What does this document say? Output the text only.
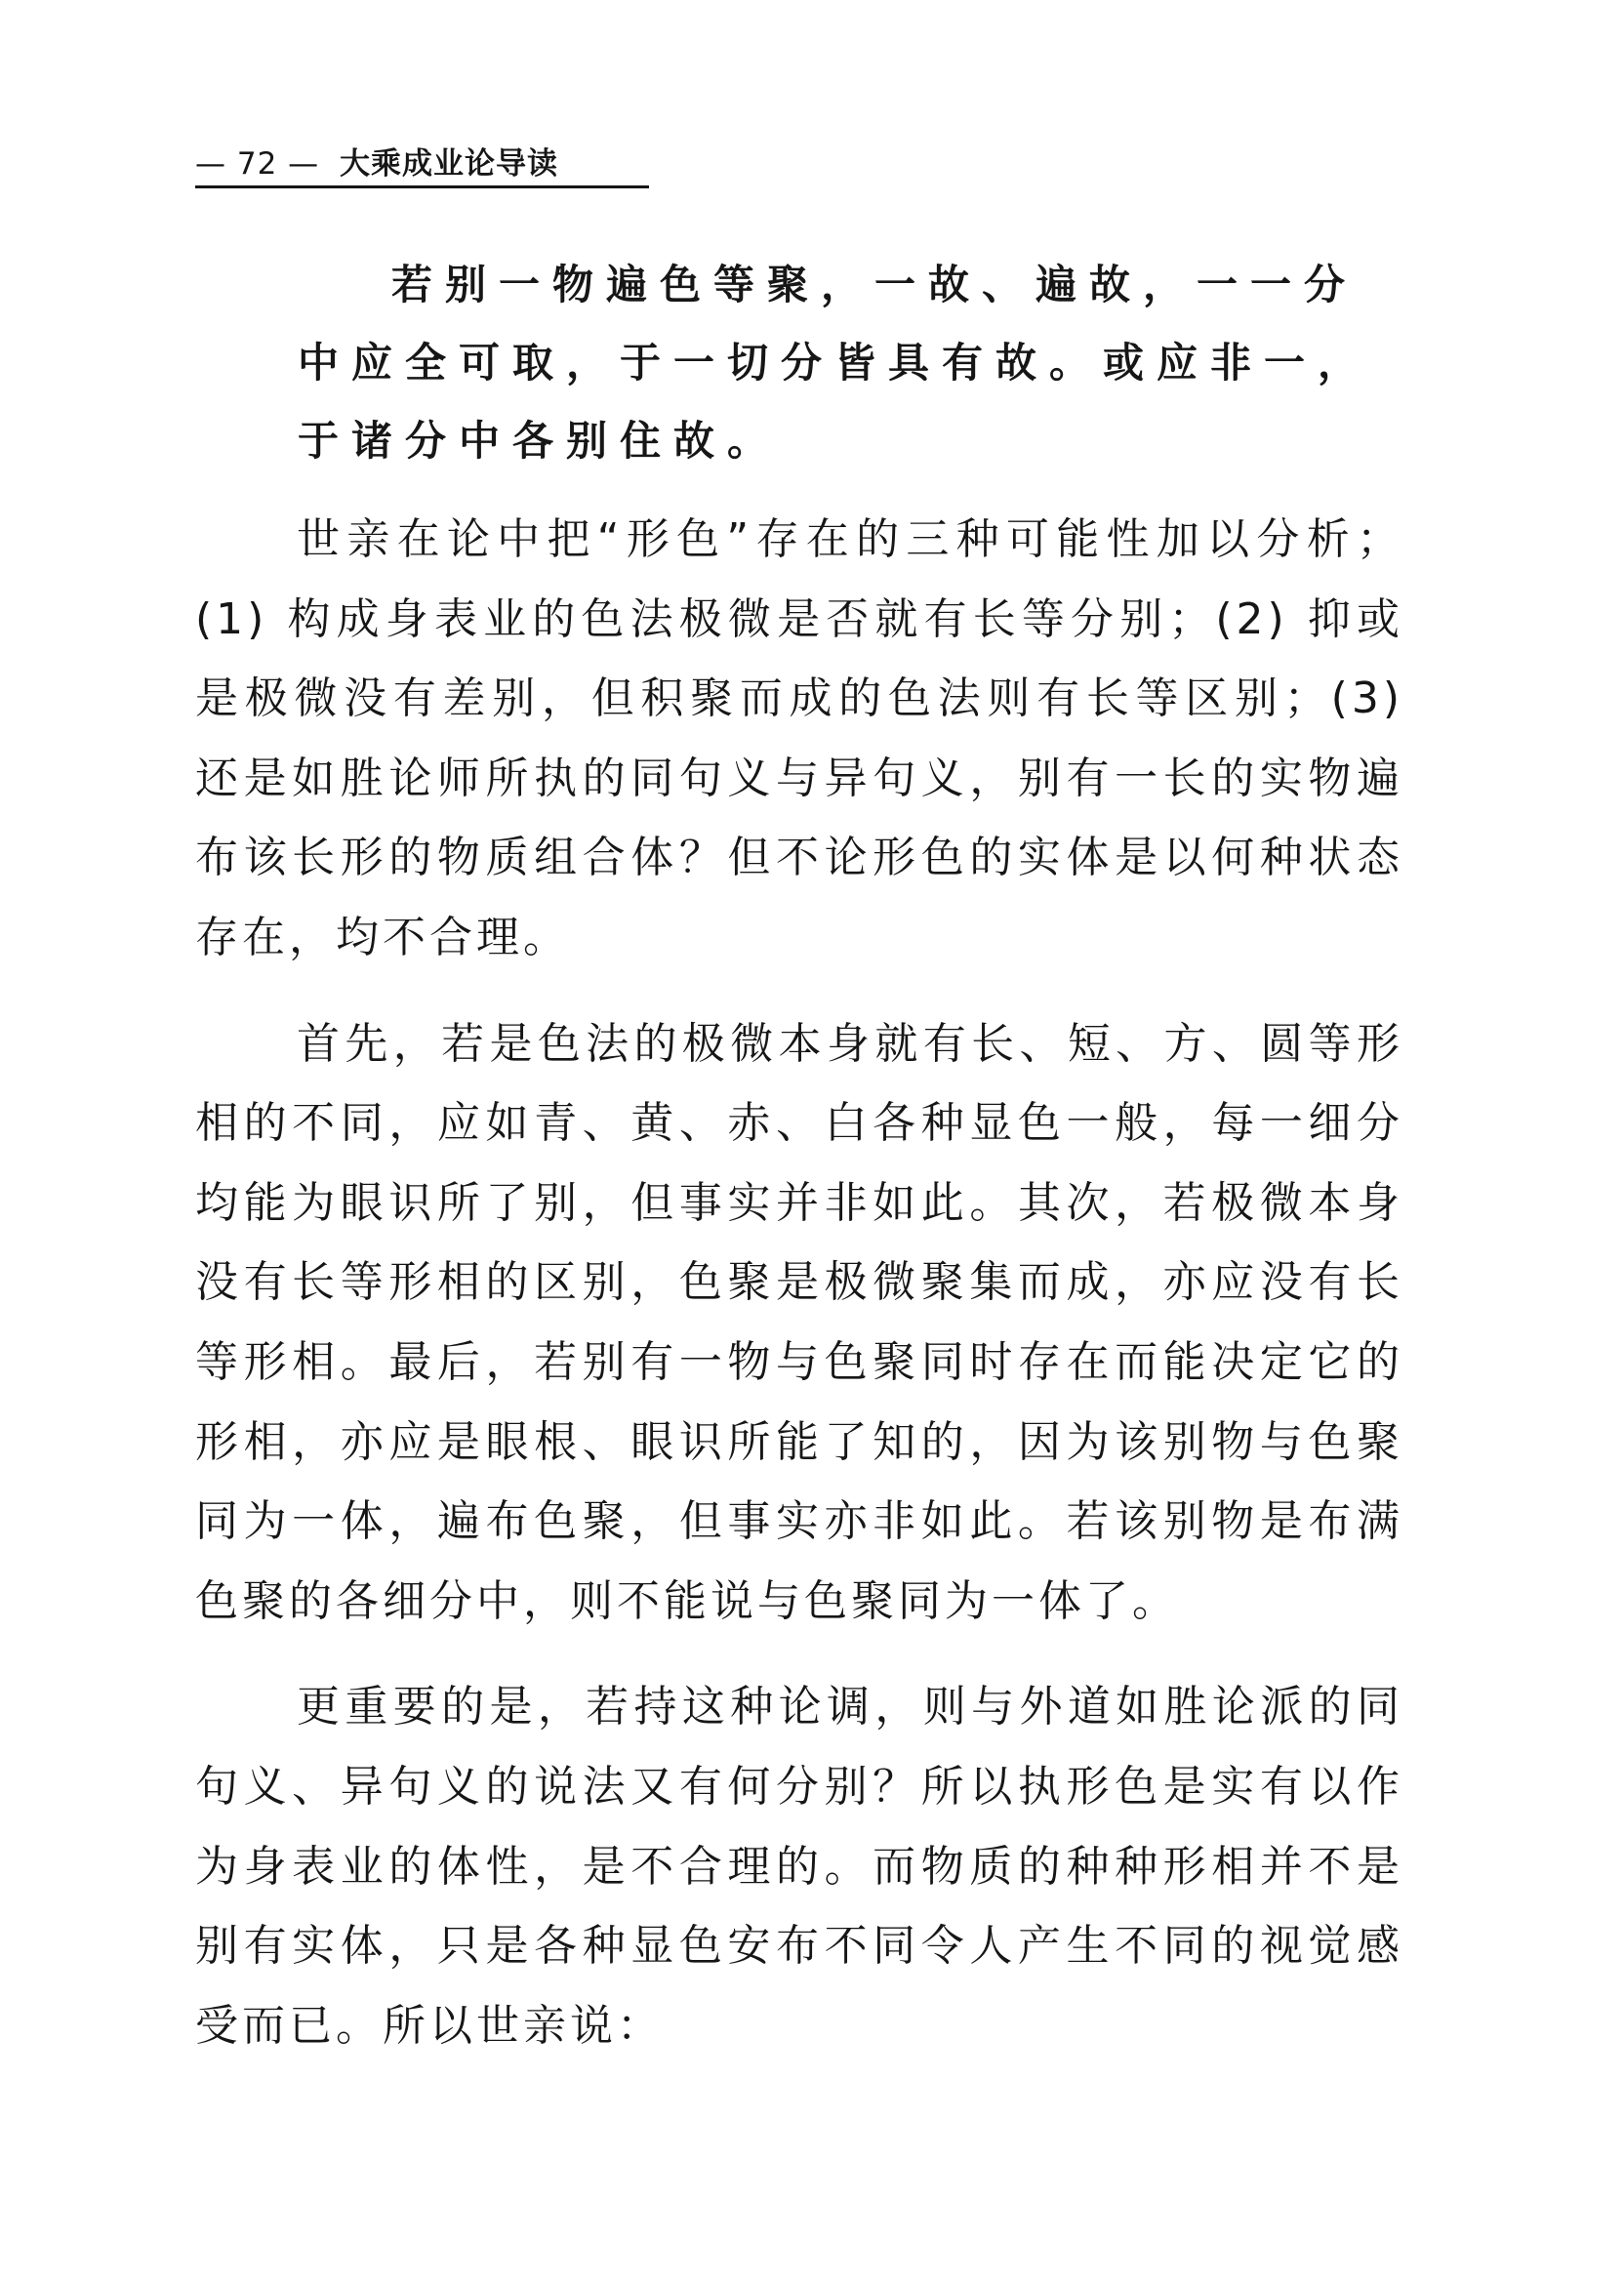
— 72 — 大乘成业论导读

若别一物遍色等聚，一故、遍故，一一分中应全可取，于一切分皆具有故。或应非一，于诸分中各别住故。

世亲在论中把“形色”存在的三种可能性加以分析；(1) 构成身表业的色法极微是否就有长等分别；(2) 抑或是极微没有差别，但积聚而成的色法则有长等区别；(3) 还是如胜论师所执的同句义与异句义，别有一长的实物遍布该长形的物质组合体？但不论形色的实体是以何种状态存在，均不合理。

首先，若是色法的极微本身就有长、短、方、圆等形相的不同，应如青、黄、赤、白各种显色一般，每一细分均能为眼识所了别，但事实并非如此。其次，若极微本身没有长等形相的区别，色聚是极微聚集而成，亦应没有长等形相。最后，若别有一物与色聚同时存在而能决定它的形相，亦应是眼根、眼识所能了知的，因为该别物与色聚同为一体，遍布色聚，但事实亦非如此。若该别物是布满色聚的各细分中，则不能说与色聚同为一体了。

更重要的是，若持这种论调，则与外道如胜论派的同句义、异句义的说法又有何分别？所以执形色是实有以作为身表业的体性，是不合理的。而物质的种种形相并不是别有实体，只是各种显色安布不同令人产生不同的视觉感受而已。所以世亲说：
